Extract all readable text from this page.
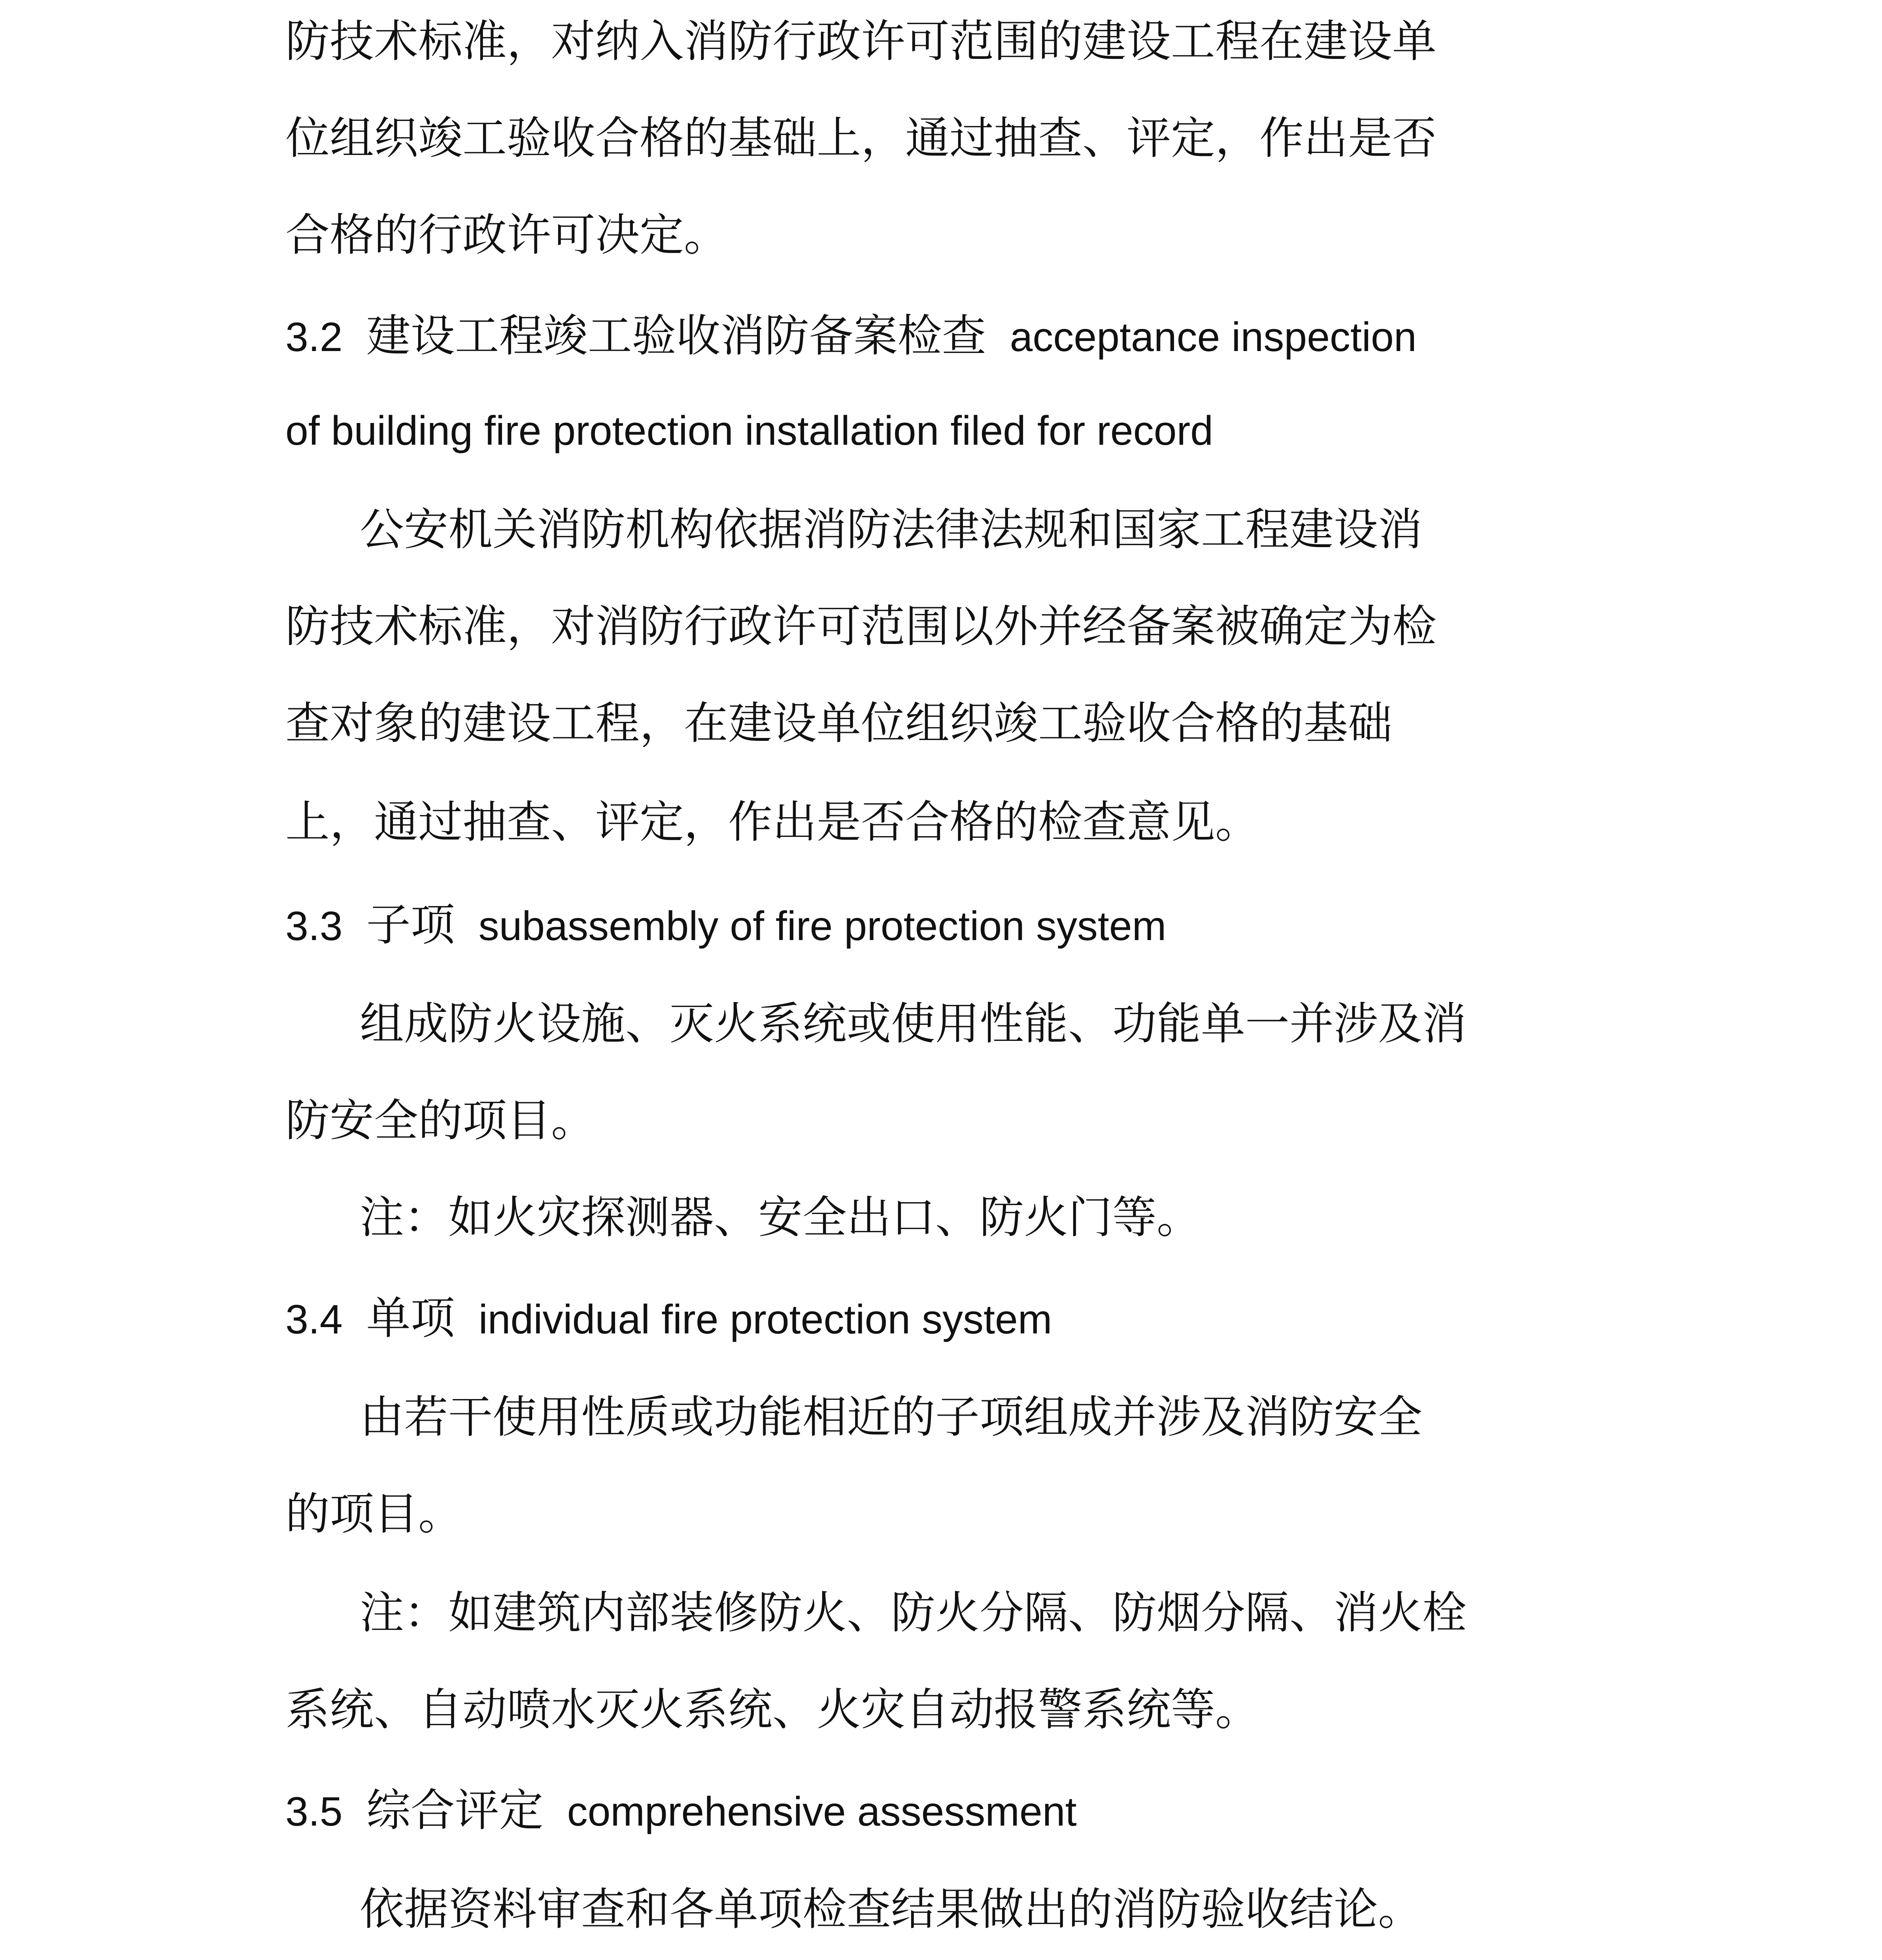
防技术标准，对纳入消防行政许可范围的建设工程在建设单
位组织竣工验收合格的基础上，通过抽查、评定，作出是否
合格的行政许可决定。
3.2 建设工程竣工验收消防备案检查 acceptance inspection
of building fire protection installation filed for record
公安机关消防机构依据消防法律法规和国家工程建设消
防技术标准，对消防行政许可范围以外并经备案被确定为检
查对象的建设工程，在建设单位组织竣工验收合格的基础
上，通过抽查、评定，作出是否合格的检查意见。
3.3 子项 subassembly of fire protection system
组成防火设施、灭火系统或使用性能、功能单一并涉及消
防安全的项目。
注：如火灾探测器、安全出口、防火门等。
3.4 单项 individual fire protection system
由若干使用性质或功能相近的子项组成并涉及消防安全
的项目。
注：如建筑内部装修防火、防火分隔、防烟分隔、消火栓
系统、自动喷水灭火系统、火灾自动报警系统等。
3.5 综合评定 comprehensive assessment
依据资料审查和各单项检查结果做出的消防验收结论。
